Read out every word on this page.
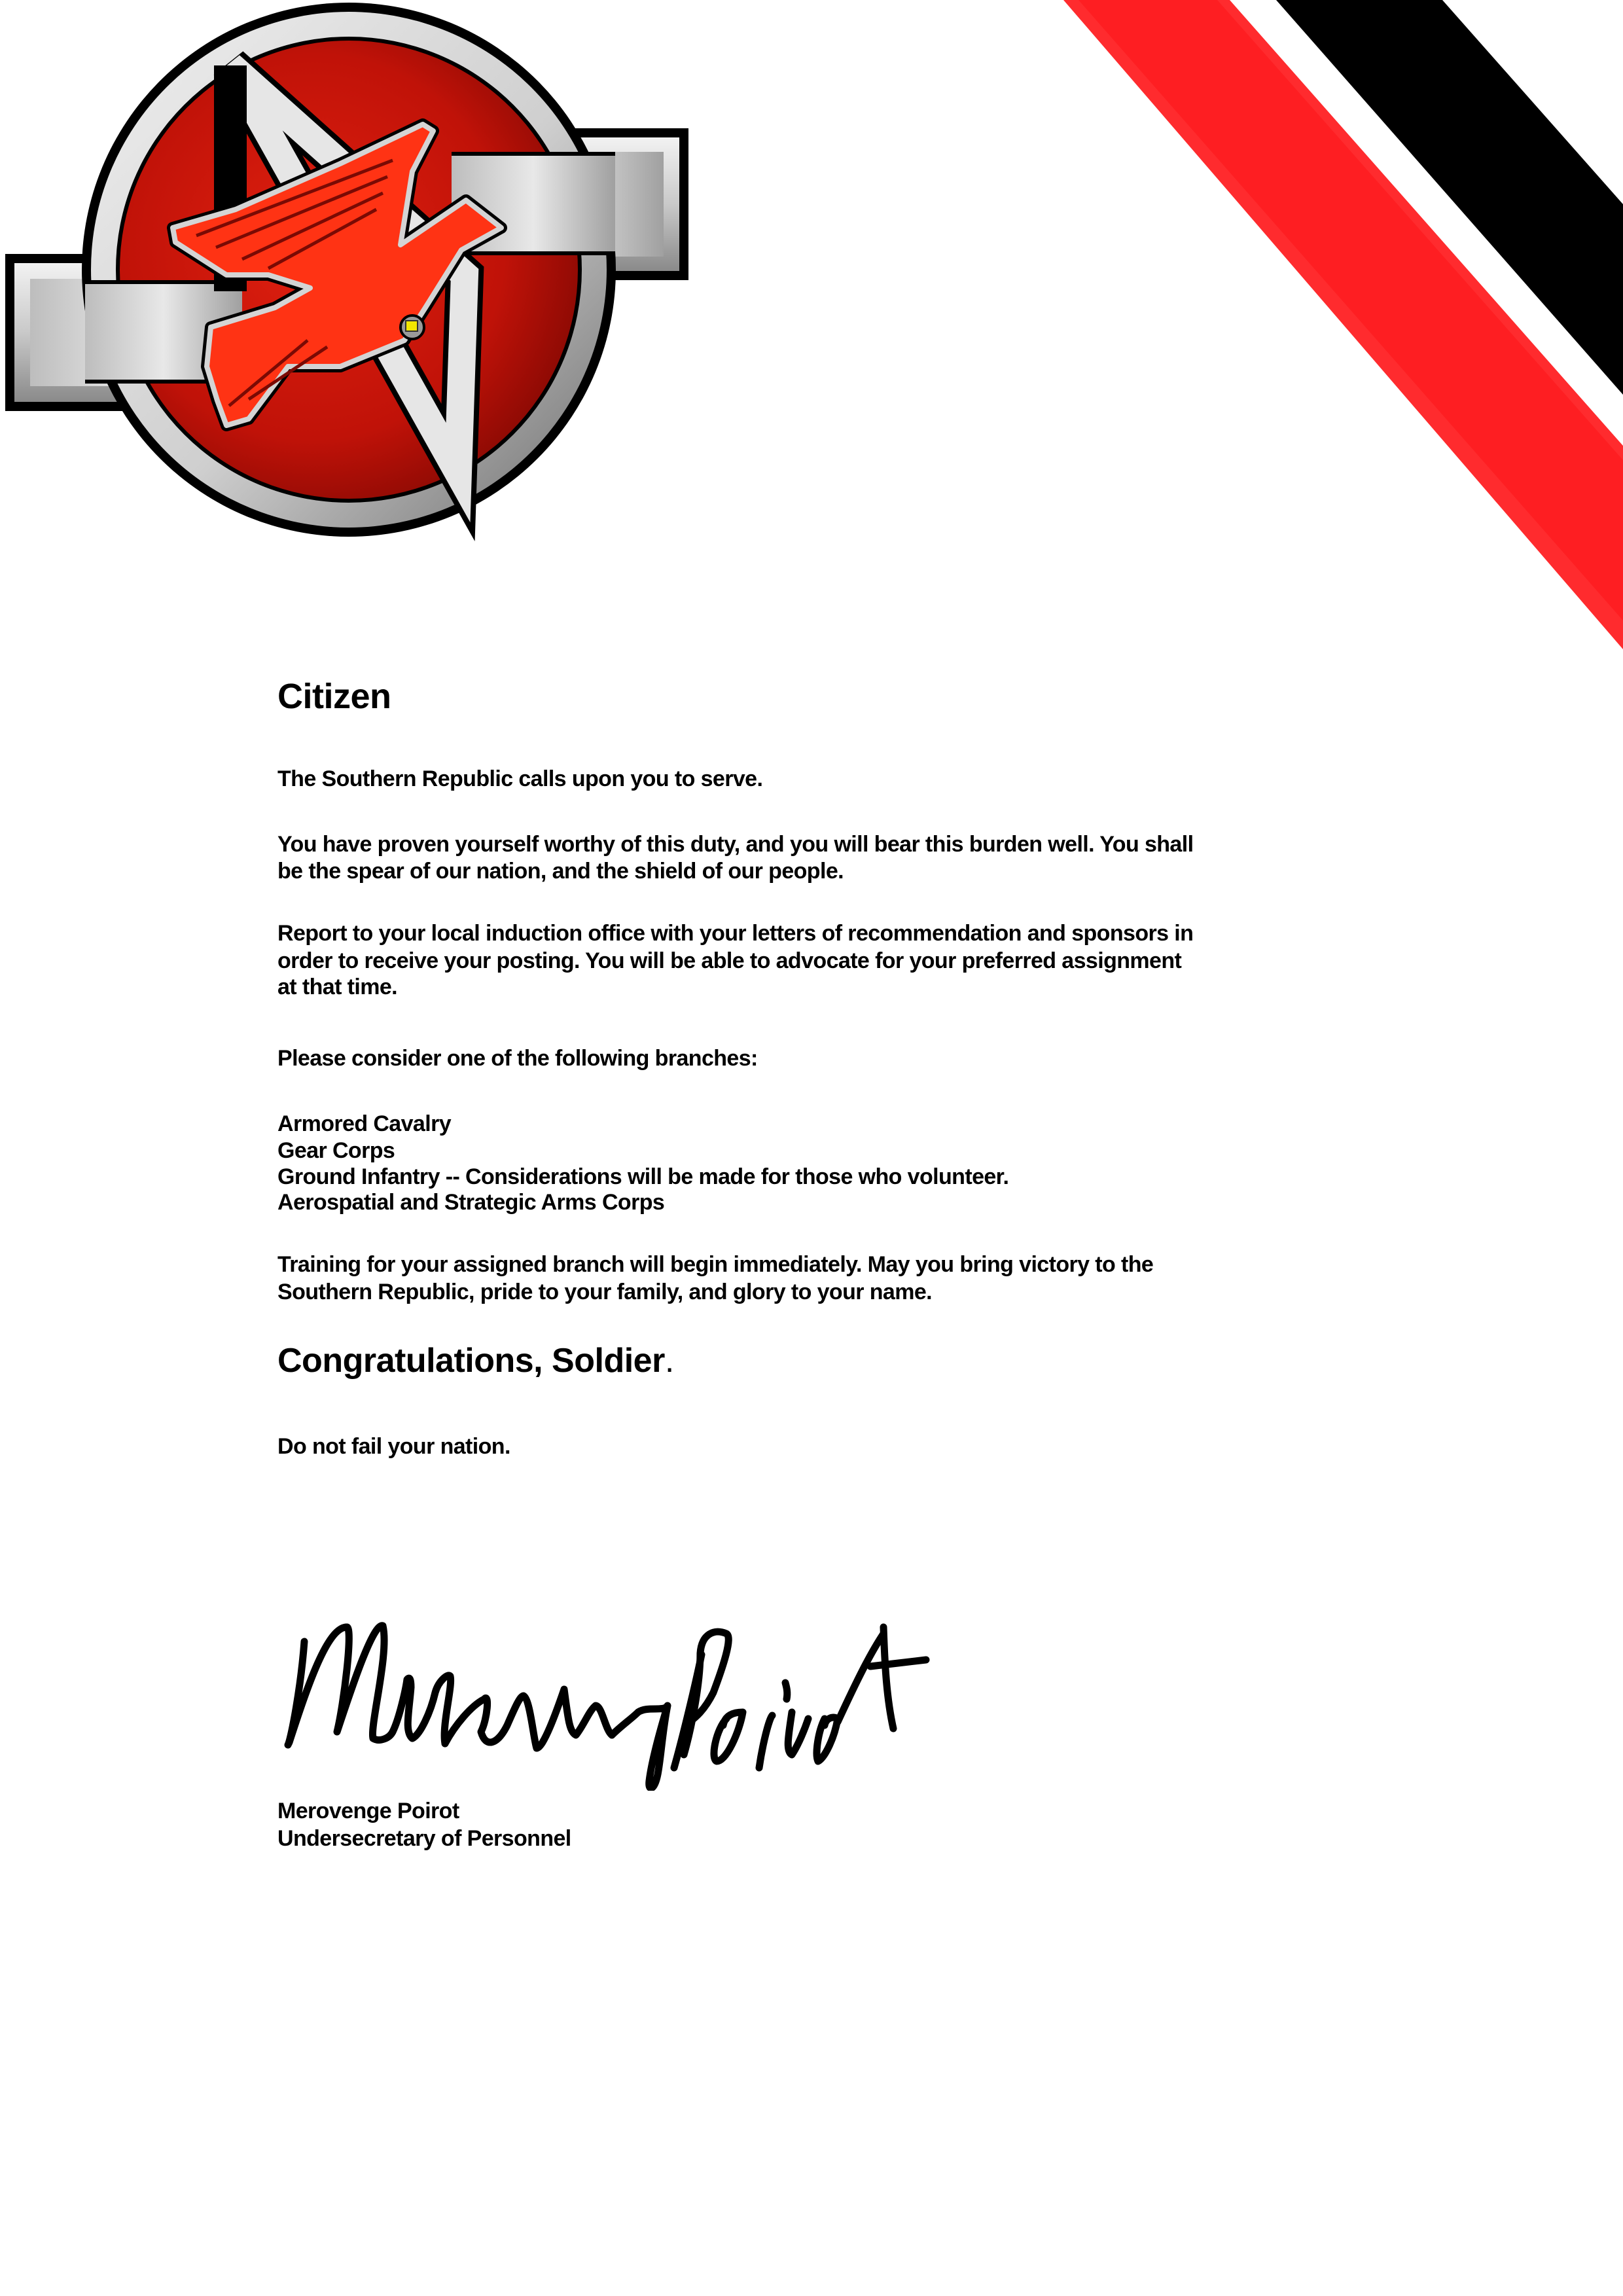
Citizen
The Southern Republic calls upon you to serve.
You have proven yourself worthy of this duty, and you will bear this burden well. You shall
be the spear of our nation, and the shield of our people.
Report to your local induction office with your letters of recommendation and sponsors in
order to receive your posting. You will be able to advocate for your preferred assignment
at that time.
Please consider one of the following branches:
Armored Cavalry
Gear Corps
Ground Infantry -- Considerations will be made for those who volunteer.
Aerospatial and Strategic Arms Corps
Training for your assigned branch will begin immediately. May you bring victory to the
Southern Republic, pride to your family, and glory to your name.
Congratulations, Soldier.
Do not fail your nation.
Merovenge Poirot
Undersecretary of Personnel
